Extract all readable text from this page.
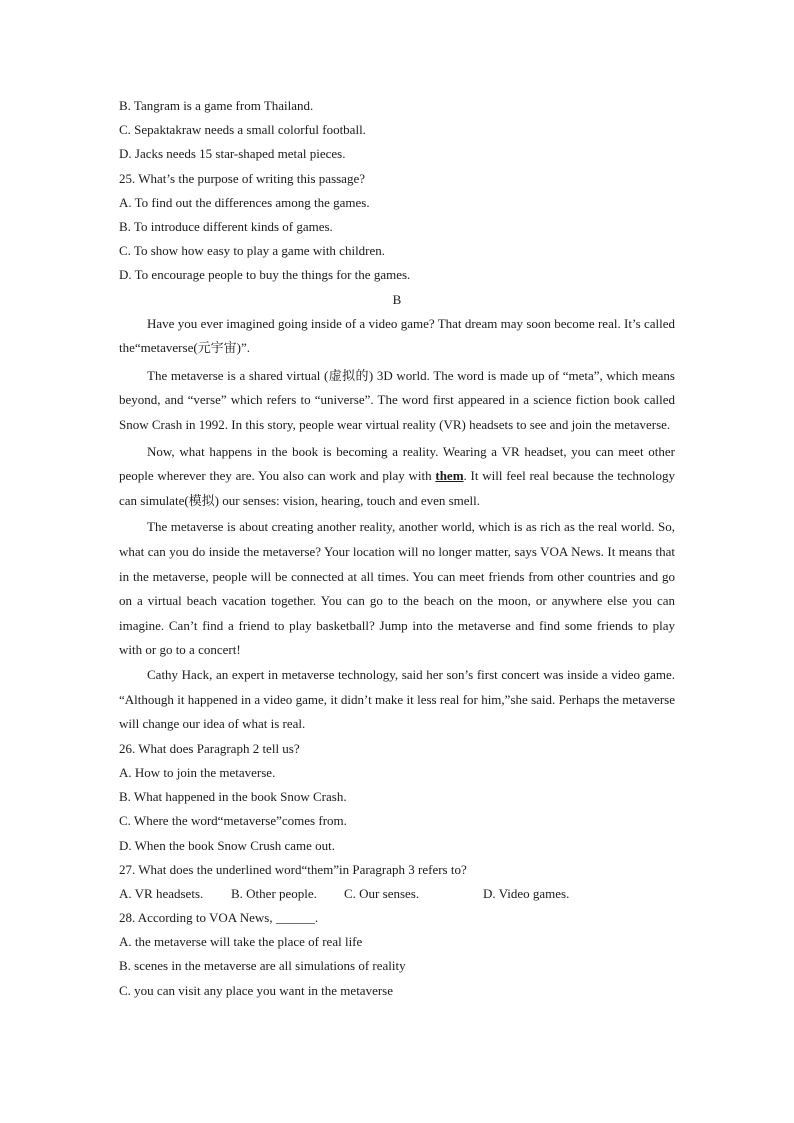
B. Tangram is a game from Thailand.

C. Sepaktakraw needs a small colorful football.

D. Jacks needs 15 star-shaped metal pieces.

25. What’s the purpose of writing this passage?

A. To find out the differences among the games.

B. To introduce different kinds of games.

C. To show how easy to play a game with children.

D. To encourage people to buy the things for the games.

B

Have you ever imagined going inside of a video game? That dream may soon become real. It’s called the“metaverse(元宇宙)”.

The metaverse is a shared virtual (虚拟的) 3D world. The word is made up of “meta”, which means beyond, and “verse” which refers to “universe”. The word first appeared in a science fiction book called Snow Crash in 1992. In this story, people wear virtual reality (VR) headsets to see and join the metaverse.

Now, what happens in the book is becoming a reality. Wearing a VR headset, you can meet other people wherever they are. You also can work and play with them. It will feel real because the technology can simulate(模拟) our senses: vision, hearing, touch and even smell.

The metaverse is about creating another reality, another world, which is as rich as the real world. So, what can you do inside the metaverse? Your location will no longer matter, says VOA News. It means that in the metaverse, people will be connected at all times. You can meet friends from other countries and go on a virtual beach vacation together. You can go to the beach on the moon, or anywhere else you can imagine. Can’t find a friend to play basketball? Jump into the metaverse and find some friends to play with or go to a concert!

Cathy Hack, an expert in metaverse technology, said her son’s first concert was inside a video game. “Although it happened in a video game, it didn’t make it less real for him,”she said. Perhaps the metaverse will change our idea of what is real.

26. What does Paragraph 2 tell us?

A. How to join the metaverse.

B. What happened in the book Snow Crash.

C. Where the word“metaverse”comes from.

D. When the book Snow Crush came out.

27. What does the underlined word“them”in Paragraph 3 refers to?

A. VR headsets.	B. Other people.	C. Our senses.	D. Video games.

28. According to VOA News, ______.

A. the metaverse will take the place of real life

B. scenes in the metaverse are all simulations of reality

C. you can visit any place you want in the metaverse
